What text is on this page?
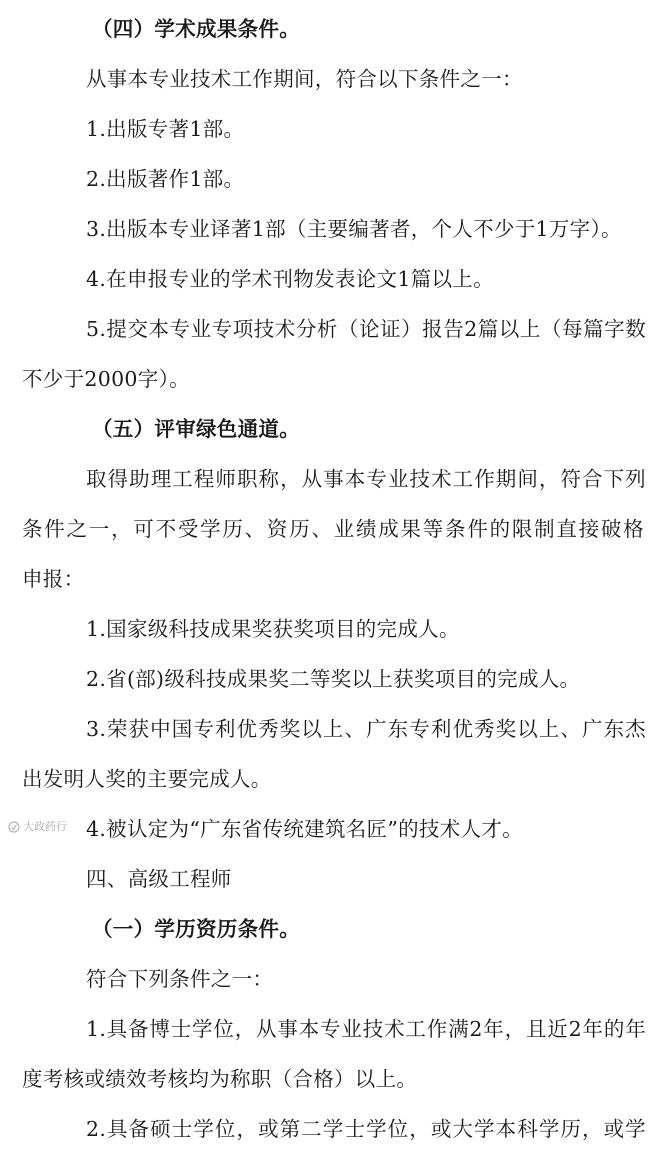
（四）学术成果条件。
从事本专业技术工作期间，符合以下条件之一：
1.出版专著1部。
2.出版著作1部。
3.出版本专业译著1部（主要编著者，个人不少于1万字）。
4.在申报专业的学术刊物发表论文1篇以上。
5.提交本专业专项技术分析（论证）报告2篇以上（每篇字数
不少于2000字）。
（五）评审绿色通道。
取得助理工程师职称，从事本专业技术工作期间，符合下列
条件之一，可不受学历、资历、业绩成果等条件的限制直接破格
申报：
1.国家级科技成果奖获奖项目的完成人。
2.省(部)级科技成果奖二等奖以上获奖项目的完成人。
3.荣获中国专利优秀奖以上、广东专利优秀奖以上、广东杰
出发明人奖的主要完成人。
4.被认定为“广东省传统建筑名匠”的技术人才。
四、高级工程师
（一）学历资历条件。
符合下列条件之一：
1.具备博士学位，从事本专业技术工作满2年，且近2年的年
度考核或绩效考核均为称职（合格）以上。
2.具备硕士学位，或第二学士学位，或大学本科学历，或学
大政药行
